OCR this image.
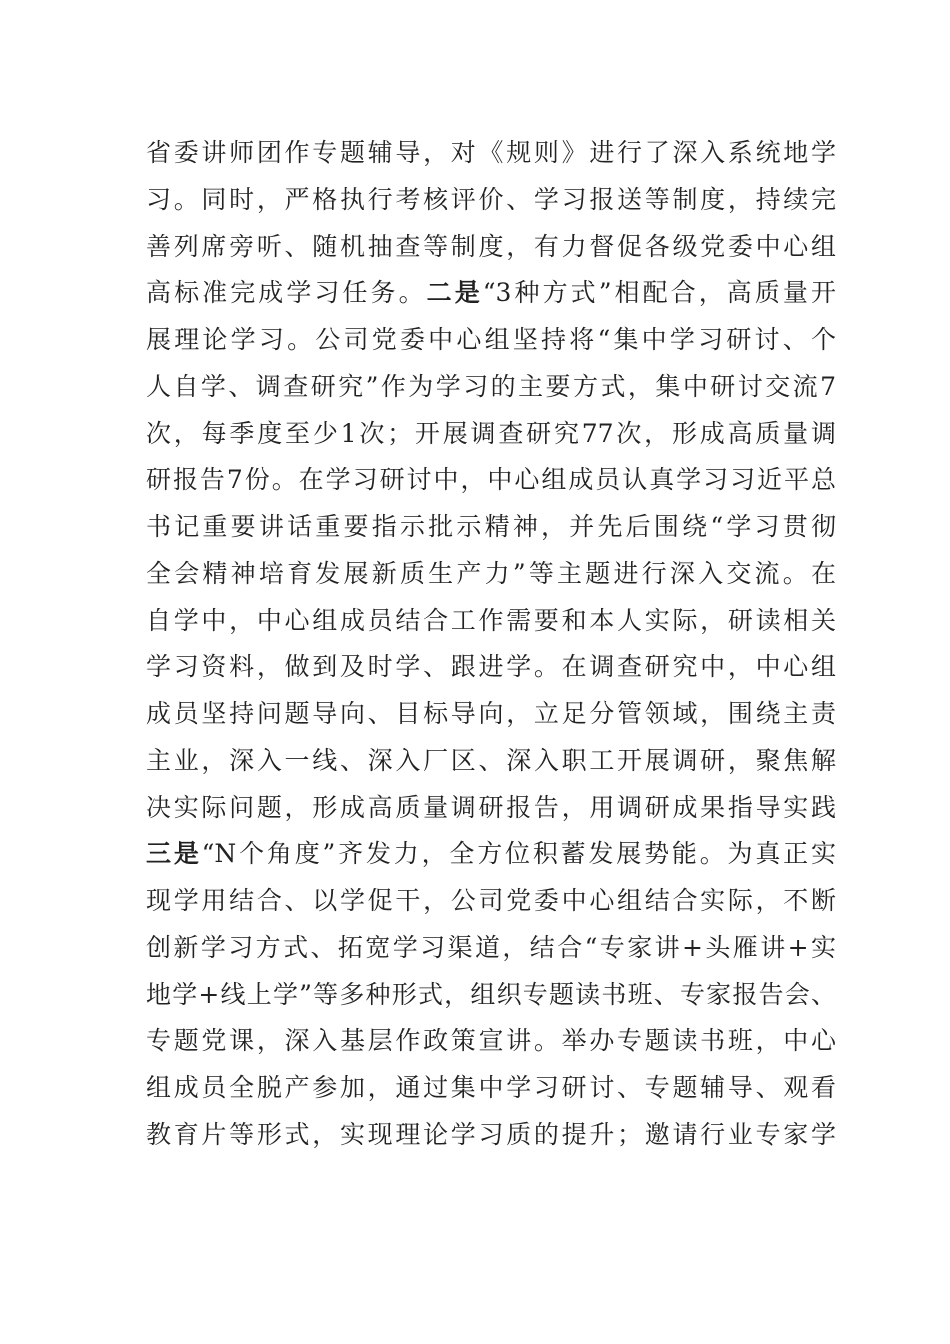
省委讲师团作专题辅导，对《规则》进行了深入系统地学
习。同时，严格执行考核评价、学习报送等制度，持续完
善列席旁听、随机抽查等制度，有力督促各级党委中心组
高标准完成学习任务。二是“3种方式”相配合，高质量开
展理论学习。公司党委中心组坚持将“集中学习研讨、个
人自学、调查研究”作为学习的主要方式，集中研讨交流7
次，每季度至少1次；开展调查研究77次，形成高质量调
研报告7份。在学习研讨中，中心组成员认真学习习近平总
书记重要讲话重要指示批示精神，并先后围绕“学习贯彻
全会精神培育发展新质生产力”等主题进行深入交流。在
自学中，中心组成员结合工作需要和本人实际，研读相关
学习资料，做到及时学、跟进学。在调查研究中，中心组
成员坚持问题导向、目标导向，立足分管领域，围绕主责
主业，深入一线、深入厂区、深入职工开展调研，聚焦解
决实际问题，形成高质量调研报告，用调研成果指导实践
三是“N个角度”齐发力，全方位积蓄发展势能。为真正实
现学用结合、以学促干，公司党委中心组结合实际，不断
创新学习方式、拓宽学习渠道，结合“专家讲+头雁讲+实
地学+线上学”等多种形式，组织专题读书班、专家报告会、
专题党课，深入基层作政策宣讲。举办专题读书班，中心
组成员全脱产参加，通过集中学习研讨、专题辅导、观看
教育片等形式，实现理论学习质的提升；邀请行业专家学
